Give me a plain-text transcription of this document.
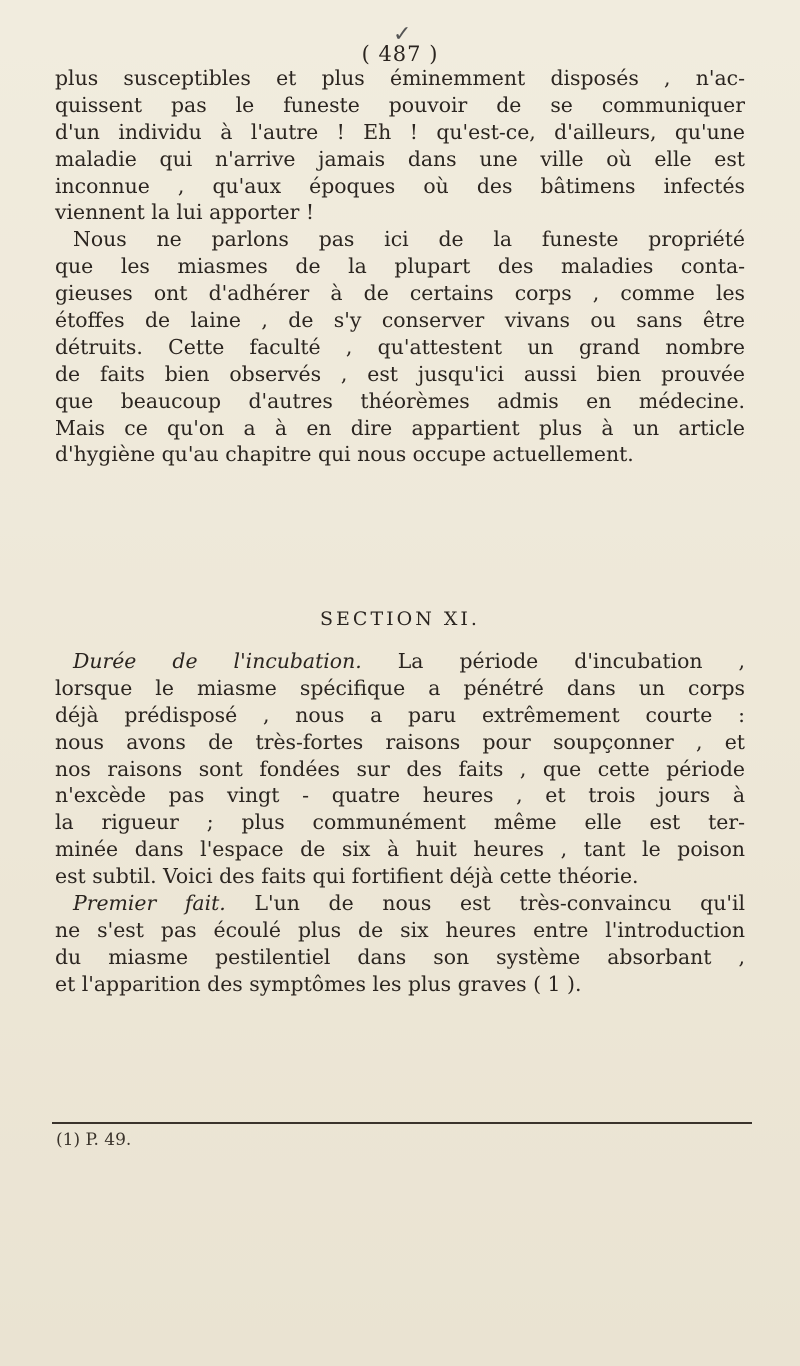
✓
( 487 )
plus susceptibles et plus éminemment disposés , n'ac-
quissent pas le funeste pouvoir de se communiquer
d'un individu à l'autre ! Eh ! qu'est-ce, d'ailleurs, qu'une
maladie qui n'arrive jamais dans une ville où elle est
inconnue , qu'aux époques où des bâtimens infectés
viennent la lui apporter !
Nous ne parlons pas ici de la funeste propriété
que les miasmes de la plupart des maladies conta-
gieuses ont d'adhérer à de certains corps , comme les
étoffes de laine , de s'y conserver vivans ou sans être
détruits. Cette faculté , qu'attestent un grand nombre
de faits bien observés , est jusqu'ici aussi bien prouvée
que beaucoup d'autres théorèmes admis en médecine.
Mais ce qu'on a à en dire appartient plus à un article
d'hygiène qu'au chapitre qui nous occupe actuellement.
SECTION XI.
Durée de l'incubation. La période d'incubation ,
lorsque le miasme spécifique a pénétré dans un corps
déjà prédisposé , nous a paru extrêmement courte :
nous avons de très-fortes raisons pour soupçonner , et
nos raisons sont fondées sur des faits , que cette période
n'excède pas vingt - quatre heures , et trois jours à
la rigueur ; plus communément même elle est ter-
minée dans l'espace de six à huit heures , tant le poison
est subtil. Voici des faits qui fortifient déjà cette théorie.
Premier fait. L'un de nous est très-convaincu qu'il
ne s'est pas écoulé plus de six heures entre l'introduction
du miasme pestilentiel dans son système absorbant ,
et l'apparition des symptômes les plus graves ( 1 ).
(1) P. 49.
